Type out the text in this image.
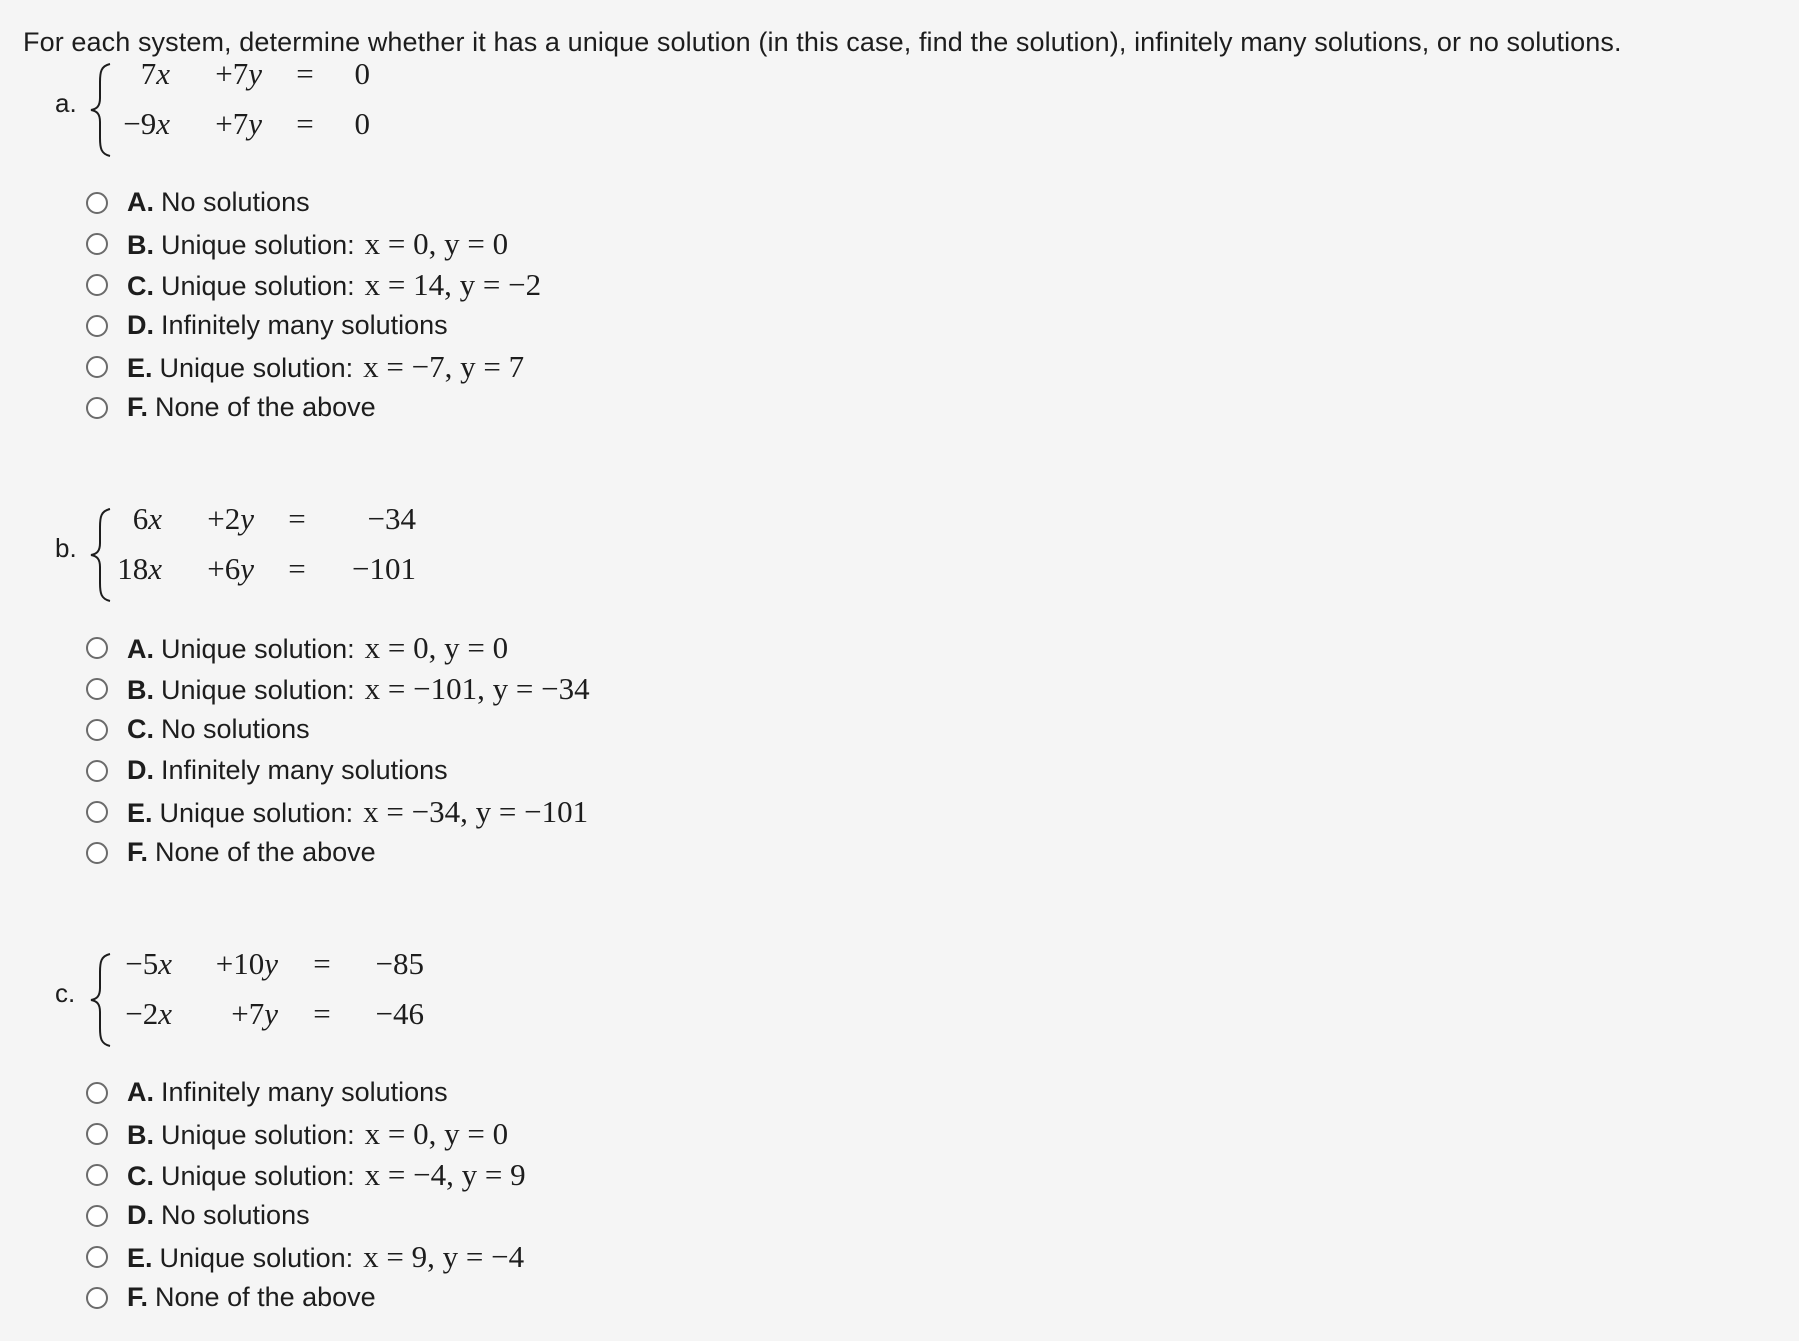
For each system, determine whether it has a unique solution (in this case, find the solution), infinitely many solutions, or no solutions.
a.
7x	+7y =	0
−9x	+7y =	0
A. No solutions
B. Unique solution: x = 0, y = 0
C. Unique solution: x = 14, y = −2
D. Infinitely many solutions
E. Unique solution: x = −7, y = 7
F. None of the above
b.
6x	+2y =	−34
18x	+6y =	−101
A. Unique solution: x = 0, y = 0
B. Unique solution: x = −101, y = −34
C. No solutions
D. Infinitely many solutions
E. Unique solution: x = −34, y = −101
F. None of the above
c.
−5x	+10y =	−85
−2x	+7y =	−46
A. Infinitely many solutions
B. Unique solution: x = 0, y = 0
C. Unique solution: x = −4, y = 9
D. No solutions
E. Unique solution: x = 9, y = −4
F. None of the above
